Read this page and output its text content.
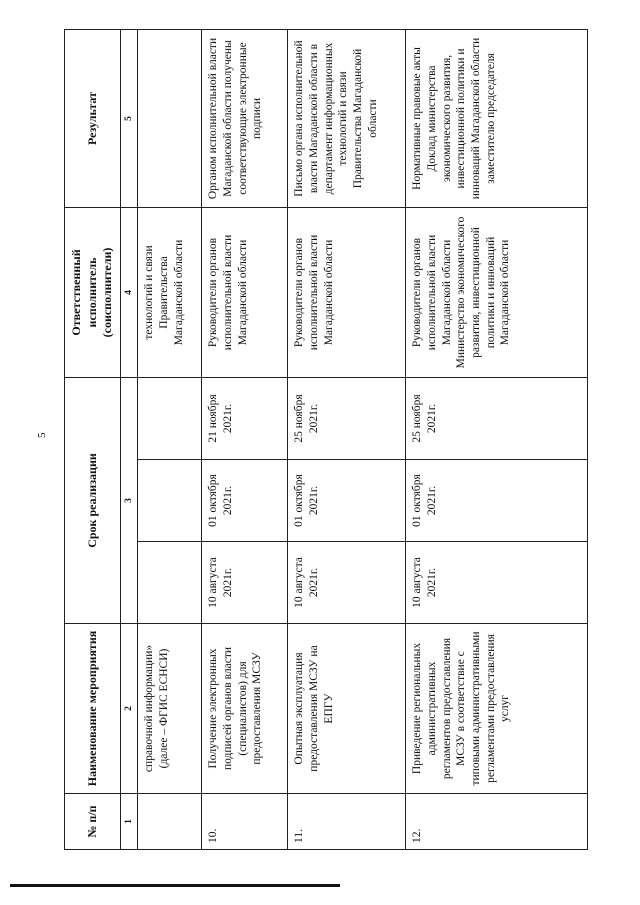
5
№ п/п	Наименование мероприятия	Срок реализации			Ответственный исполнитель (соисполнители)	Результат
1	2	3			4	5
	справочной информации» (далее – ФГИС ЕСНСИ)				технологий и связи Правительства Магаданской области	

10.	Получение электронных подписей органов власти (специалистов) для предоставления МСЗУ	10 августа 2021г.	01 октября 2021г.	21 ноября 2021г.	Руководители органов исполнительной власти Магаданской области	Органом исполнительной власти Магаданской области получены соответствующие электронные подписи

11.	Опытная эксплуатация предоставления МСЗУ на ЕПГУ	10 августа 2021г.	01 октября 2021г.	25 ноября 2021г.	Руководители органов исполнительной власти Магаданской области	Письмо органа исполнительной власти Магаданской области в департамент информационных технологий и связи Правительства Магаданской области

12.	Приведение региональных административных регламентов предоставления МСЗУ в соответствие с типовыми административными регламентами предоставления услуг	10 августа 2021г.	01 октября 2021г.	25 ноября 2021г.	Руководители органов исполнительной власти Магаданской области Министерство экономического развития, инвестиционной политики и инноваций Магаданской области	Нормативные правовые акты Доклад министерства экономического развития, инвестиционной политики и инноваций Магаданской области заместителю председателя
